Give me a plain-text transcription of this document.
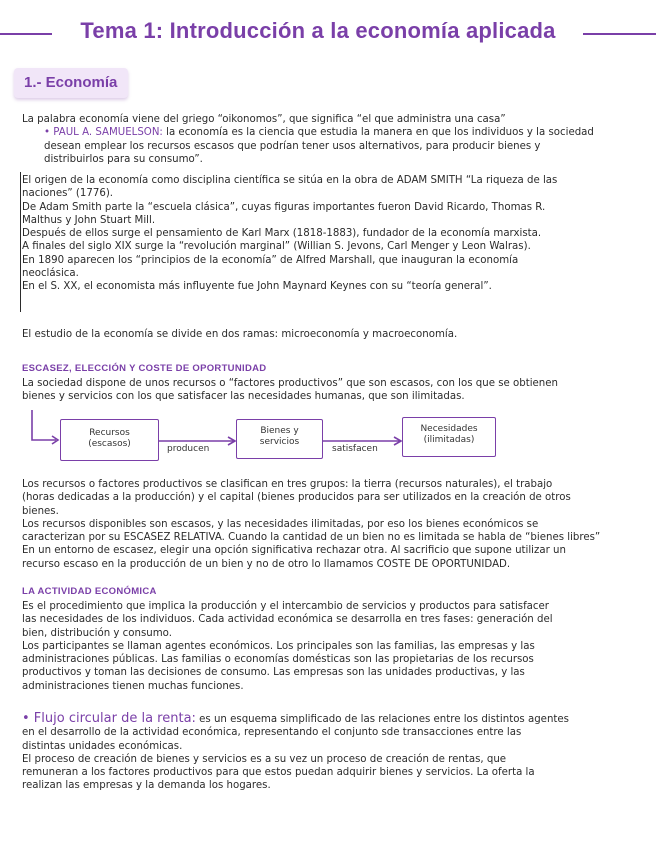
Tema 1: Introducción a la economía aplicada
1.- Economía

La palabra economía viene del griego “oikonomos”, que significa “el que administra una casa”

• PAUL A. SAMUELSON: la economía es la ciencia que estudia la manera en que los individuos y la sociedad

desean emplear los recursos escasos que podrían tener usos alternativos, para producir bienes y

distribuirlos para su consumo”.

El origen de la economía como disciplina científica se sitúa en la obra de ADAM SMITH “La riqueza de las

naciones” (1776).

De Adam Smith parte la “escuela clásica”, cuyas figuras importantes fueron David Ricardo, Thomas R.

Malthus y John Stuart Mill.

Después de ellos surge el pensamiento de Karl Marx (1818-1883), fundador de la economía marxista.

A finales del siglo XIX surge la “revolución marginal” (Willian S. Jevons, Carl Menger y Leon Walras).

En 1890 aparecen los “principios de la economía” de Alfred Marshall, que inauguran la economía

neoclásica.

En el S. XX, el economista más influyente fue John Maynard Keynes con su “teoría general”.

El estudio de la economía se divide en dos ramas: microeconomía y macroeconomía.

ESCASEZ, ELECCIÓN Y COSTE DE OPORTUNIDAD

La sociedad dispone de unos recursos o “factores productivos” que son escasos, con los que se obtienen

bienes y servicios con los que satisfacer las necesidades humanas, que son ilimitadas.

Recursos
(escasos)
Bienes y
servicios
Necesidades
(ilimitadas)
producen	satisfacen

Los recursos o factores productivos se clasifican en tres grupos: la tierra (recursos naturales), el trabajo

(horas dedicadas a la producción) y el capital (bienes producidos para ser utilizados en la creación de otros

bienes.

Los recursos disponibles son escasos, y las necesidades ilimitadas, por eso los bienes económicos se

caracterizan por su ESCASEZ RELATIVA. Cuando la cantidad de un bien no es limitada se habla de “bienes libres”

En un entorno de escasez, elegir una opción significativa rechazar otra. Al sacrificio que supone utilizar un

recurso escaso en la producción de un bien y no de otro lo llamamos COSTE DE OPORTUNIDAD.

LA ACTIVIDAD ECONÓMICA

Es el procedimiento que implica la producción y el intercambio de servicios y productos para satisfacer

las necesidades de los individuos. Cada actividad económica se desarrolla en tres fases: generación del

bien, distribución y consumo.

Los participantes se llaman agentes económicos. Los principales son las familias, las empresas y las

administraciones públicas. Las familias o economías domésticas son las propietarias de los recursos

productivos y toman las decisiones de consumo. Las empresas son las unidades productivas, y las

administraciones tienen muchas funciones.

• Flujo circular de la renta: es un esquema simplificado de las relaciones entre los distintos agentes

en el desarrollo de la actividad económica, representando el conjunto sde transacciones entre las

distintas unidades económicas.

El proceso de creación de bienes y servicios es a su vez un proceso de creación de rentas, que

remuneran a los factores productivos para que estos puedan adquirir bienes y servicios. La oferta la

realizan las empresas y la demanda los hogares.
